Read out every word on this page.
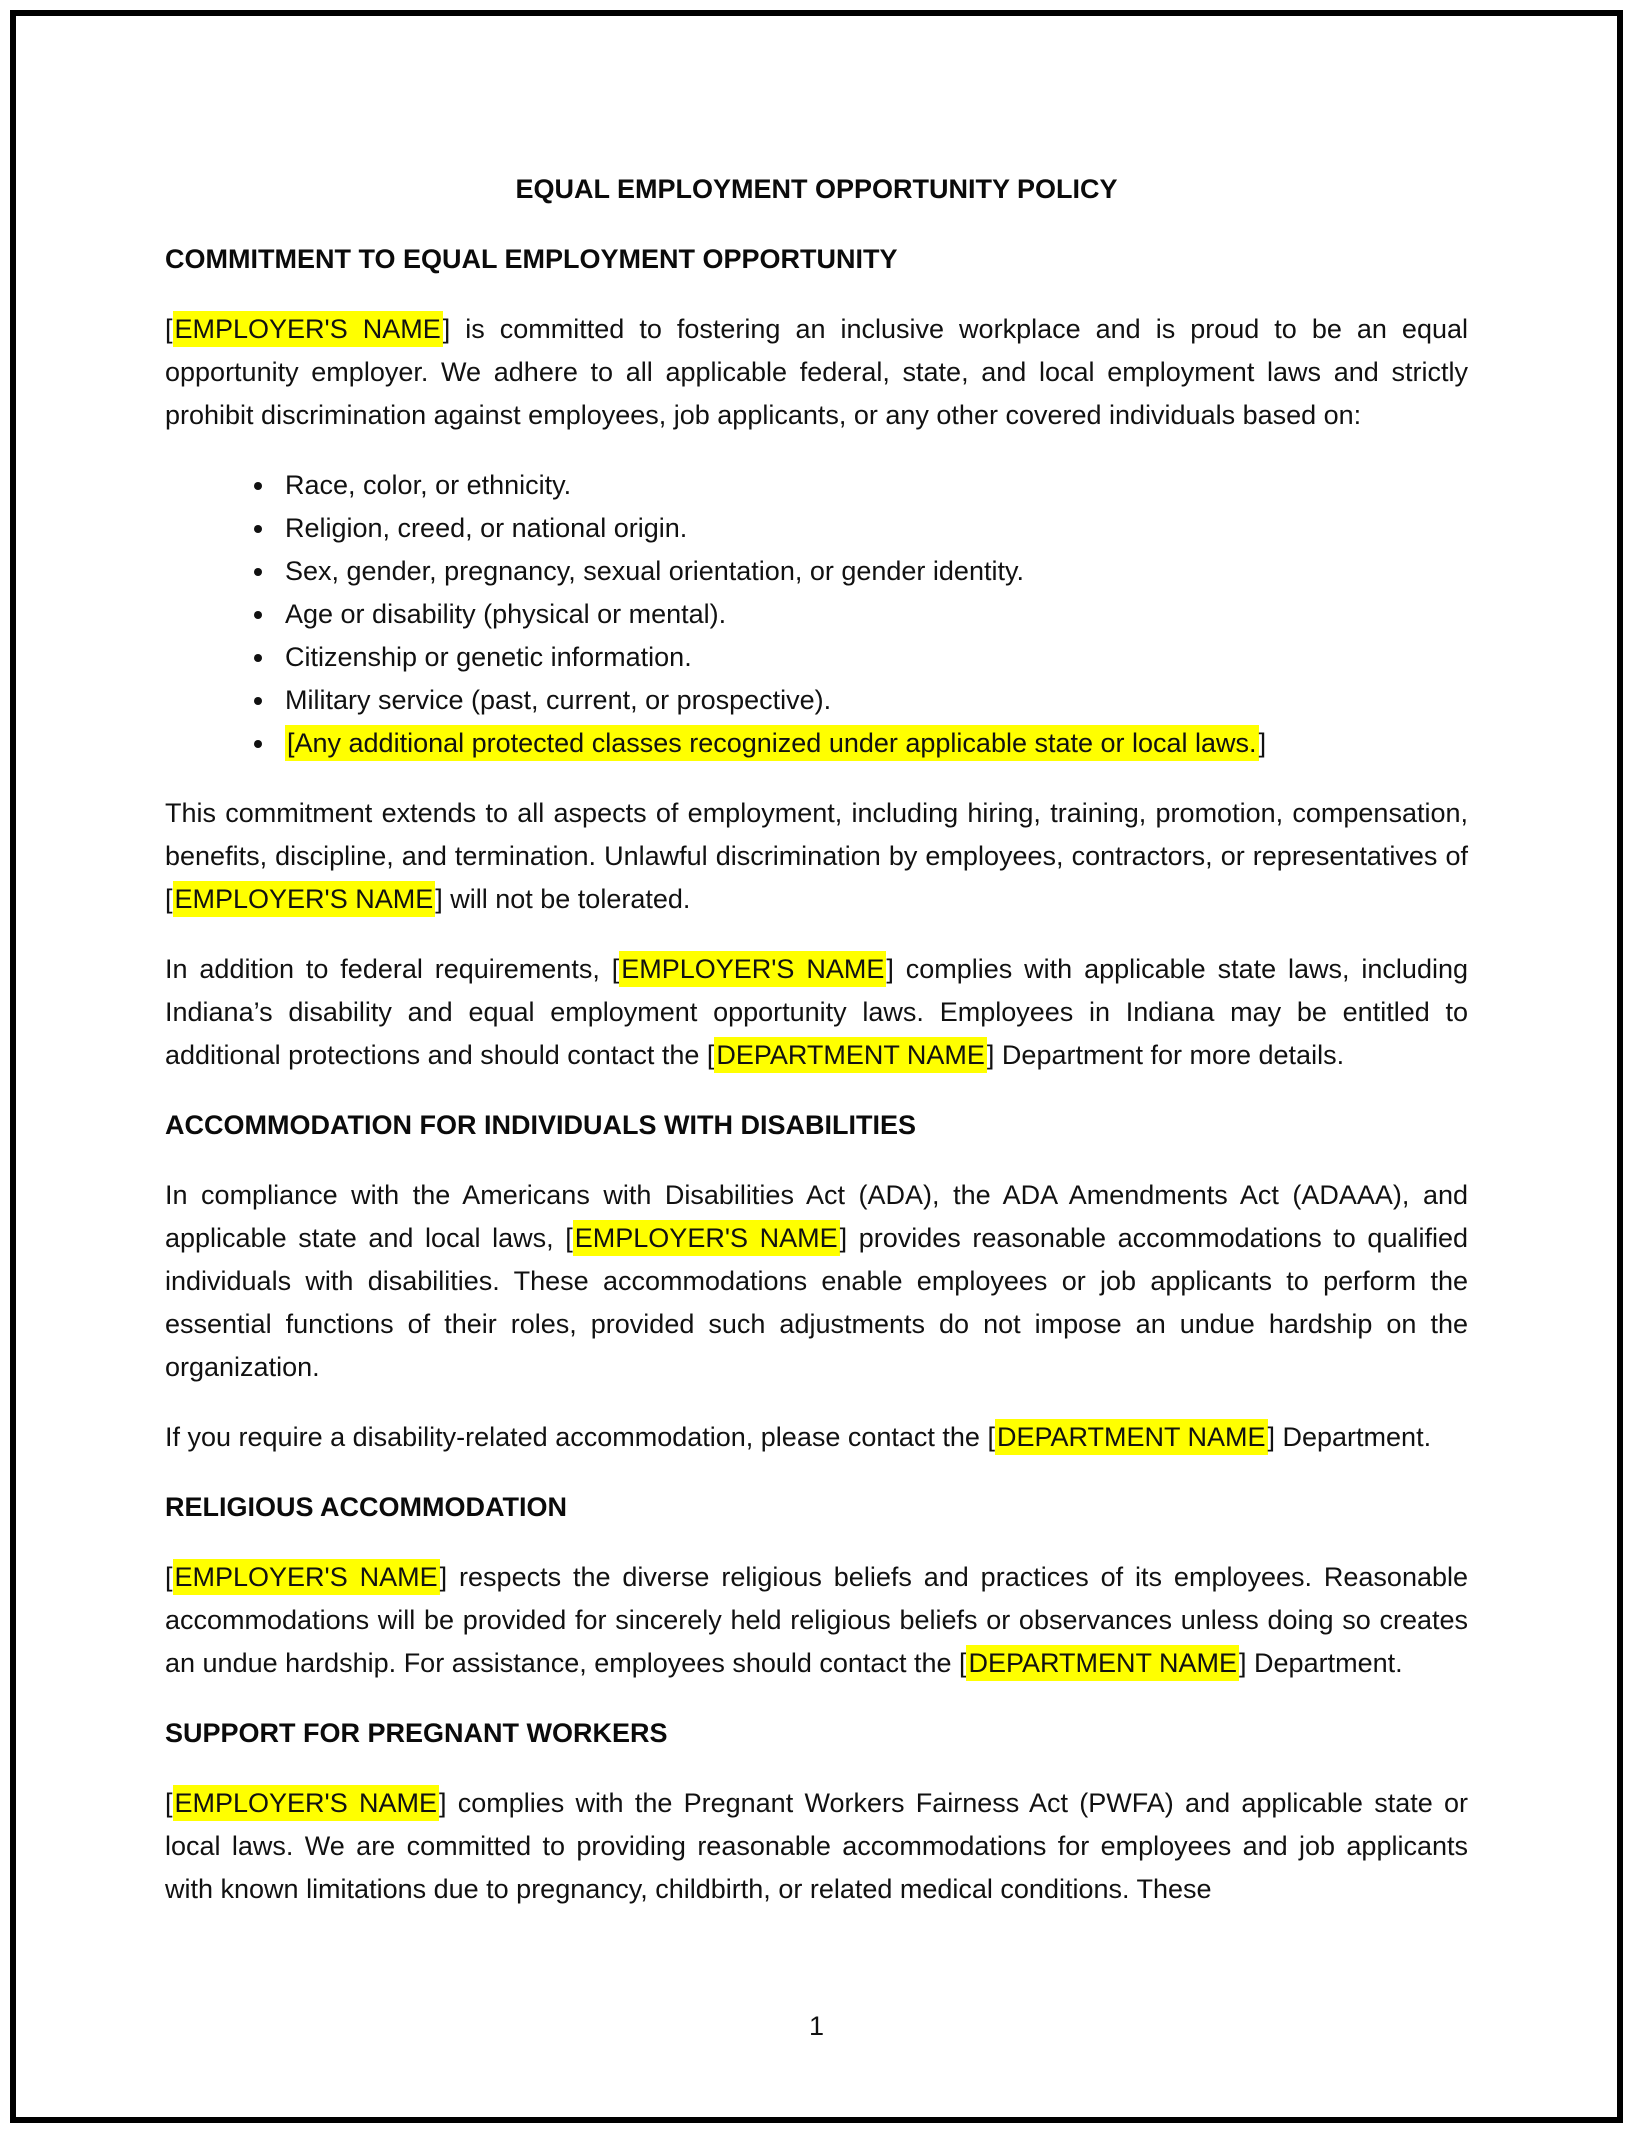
EQUAL EMPLOYMENT OPPORTUNITY POLICY
COMMITMENT TO EQUAL EMPLOYMENT OPPORTUNITY

[EMPLOYER'S NAME] is committed to fostering an inclusive workplace and is proud to be an equal opportunity employer. We adhere to all applicable federal, state, and local employment laws and strictly prohibit discrimination against employees, job applicants, or any other covered individuals based on:

• Race, color, or ethnicity.
• Religion, creed, or national origin.
• Sex, gender, pregnancy, sexual orientation, or gender identity.
• Age or disability (physical or mental).
• Citizenship or genetic information.
• Military service (past, current, or prospective).
• [Any additional protected classes recognized under applicable state or local laws.]

This commitment extends to all aspects of employment, including hiring, training, promotion, compensation, benefits, discipline, and termination. Unlawful discrimination by employees, contractors, or representatives of [EMPLOYER'S NAME] will not be tolerated.

In addition to federal requirements, [EMPLOYER'S NAME] complies with applicable state laws, including Indiana’s disability and equal employment opportunity laws. Employees in Indiana may be entitled to additional protections and should contact the [DEPARTMENT NAME] Department for more details.

ACCOMMODATION FOR INDIVIDUALS WITH DISABILITIES

In compliance with the Americans with Disabilities Act (ADA), the ADA Amendments Act (ADAAA), and applicable state and local laws, [EMPLOYER'S NAME] provides reasonable accommodations to qualified individuals with disabilities. These accommodations enable employees or job applicants to perform the essential functions of their roles, provided such adjustments do not impose an undue hardship on the organization.

If you require a disability-related accommodation, please contact the [DEPARTMENT NAME] Department.

RELIGIOUS ACCOMMODATION

[EMPLOYER'S NAME] respects the diverse religious beliefs and practices of its employees. Reasonable accommodations will be provided for sincerely held religious beliefs or observances unless doing so creates an undue hardship. For assistance, employees should contact the [DEPARTMENT NAME] Department.

SUPPORT FOR PREGNANT WORKERS

[EMPLOYER'S NAME] complies with the Pregnant Workers Fairness Act (PWFA) and applicable state or local laws. We are committed to providing reasonable accommodations for employees and job applicants with known limitations due to pregnancy, childbirth, or related medical conditions. These

1
